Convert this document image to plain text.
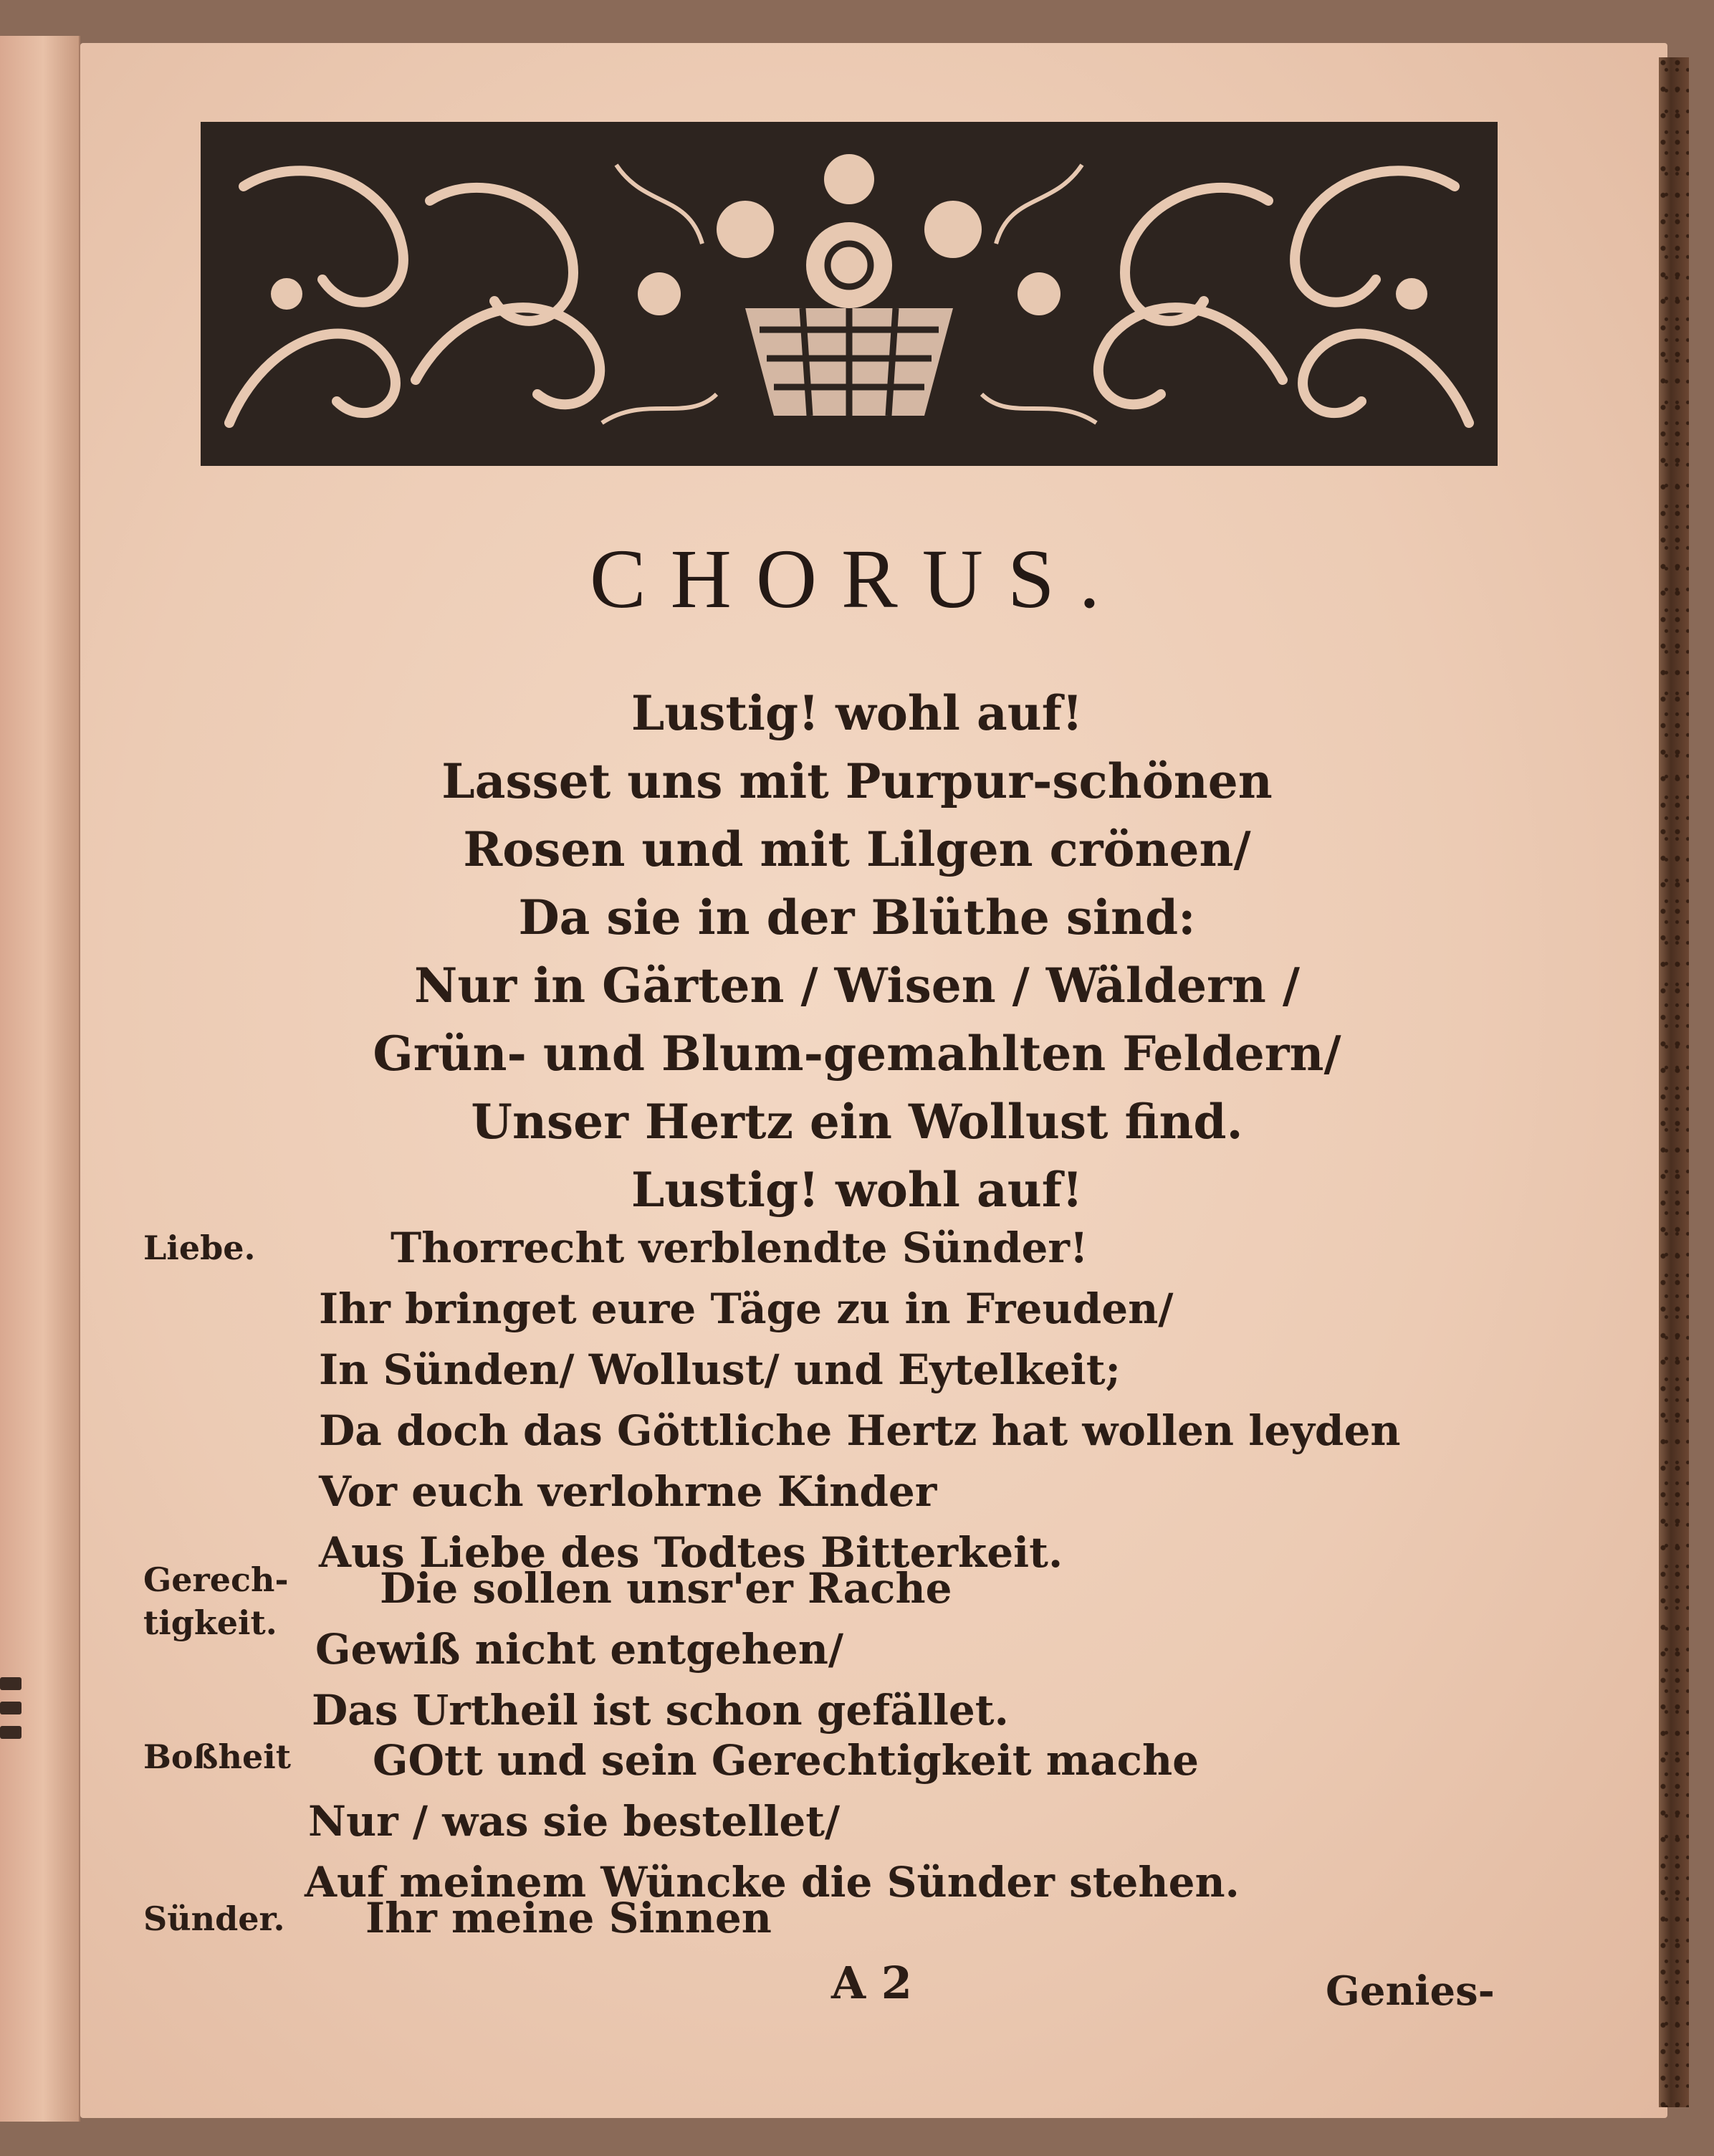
CHORUS.
Lustig! wohl auf!
Lasset uns mit Purpur-schönen
Rosen und mit Lilgen crönen/
Da sie in der Blüthe sind:
Nur in Gärten / Wisen / Wäldern /
Grün- und Blum-gemahlten Feldern/
Unser Hertz ein Wollust find.
Lustig! wohl auf!
Liebe.	Thorrecht verblendte Sünder!
Ihr bringet eure Täge zu in Freuden/
In Sünden/ Wollust/ und Eytelkeit;
Da doch das Göttliche Hertz hat wollen leyden
Vor euch verlohrne Kinder
Aus Liebe des Todtes Bitterkeit.
Gerech-
tigkeit.
Die sollen unsr'er Rache
Gewiß nicht entgehen/
Das Urtheil ist schon gefället.
Boßheit GOtt und sein Gerechtigkeit mache
Nur / was sie bestellet/
Auf meinem Wüncke die Sünder stehen.
Sünder. Ihr meine Sinnen
A 2	Genies-
